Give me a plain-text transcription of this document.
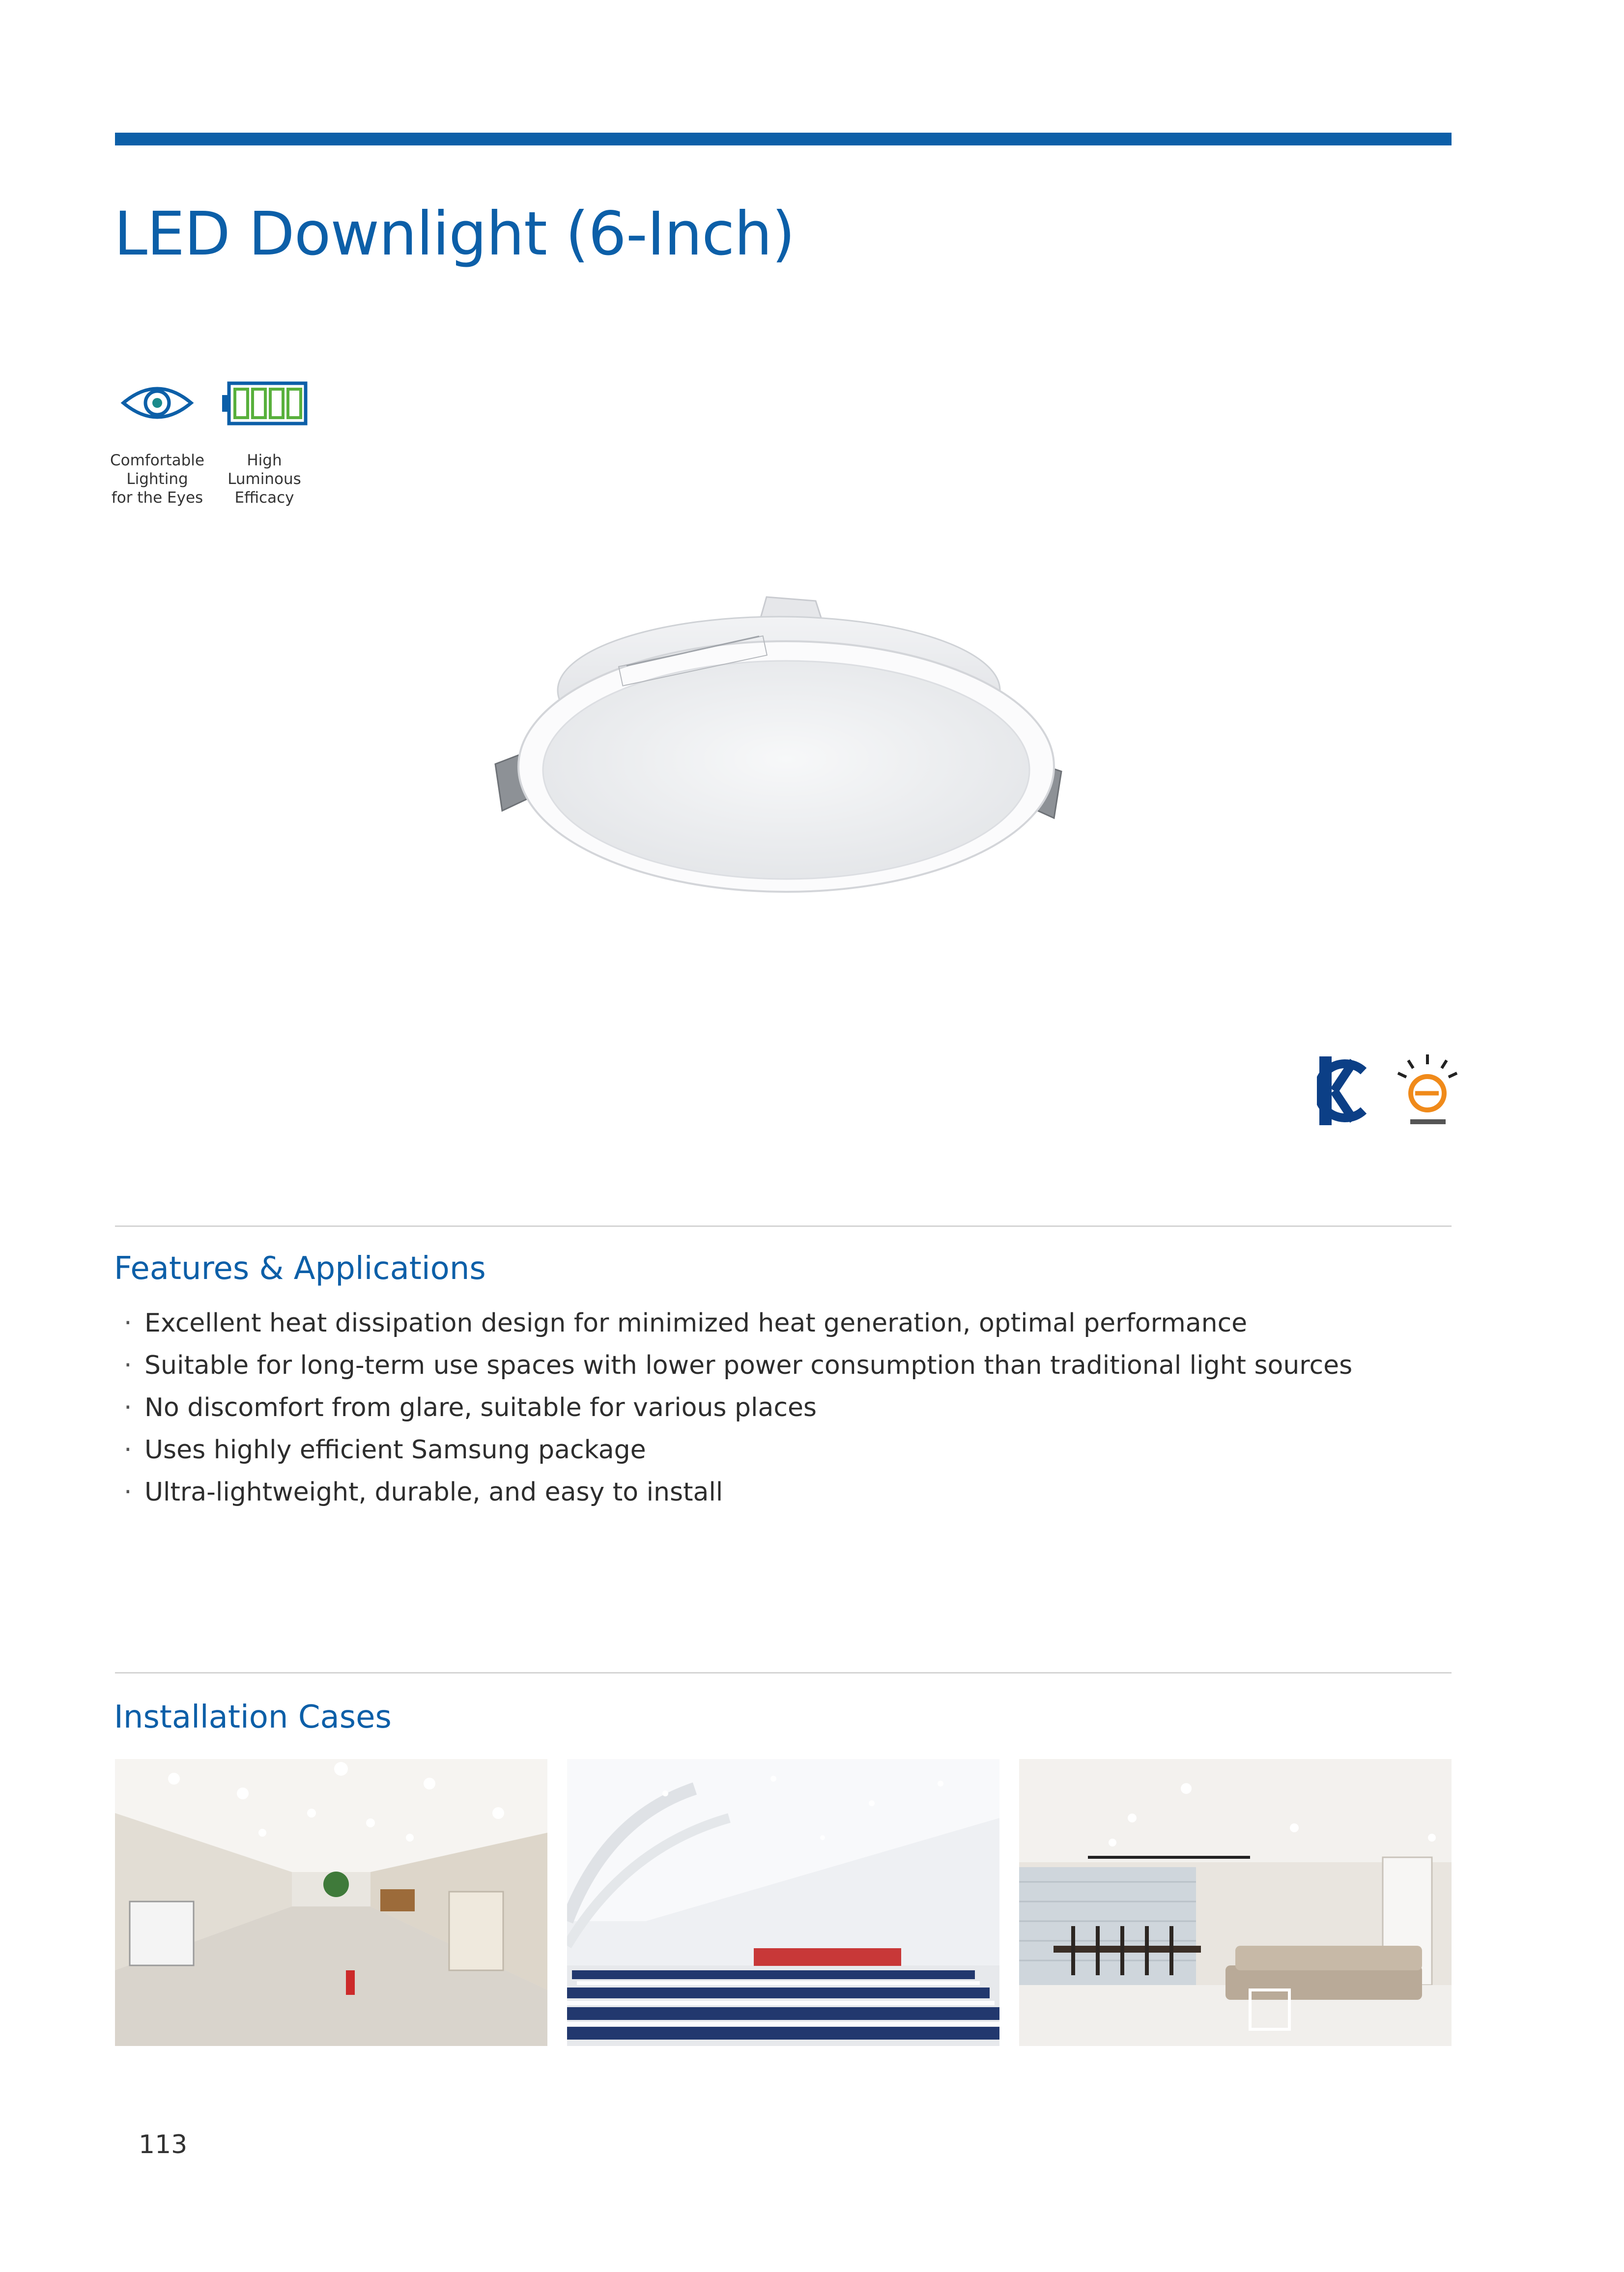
LED Downlight (6-Inch)
Comfortable
Lighting
for the Eyes
High
Luminous
Efficacy
Features & Applications
· Excellent heat dissipation design for minimized heat generation, optimal performance
· Suitable for long-term use spaces with lower power consumption than traditional light sources
· No discomfort from glare, suitable for various places
· Uses highly efficient Samsung package
· Ultra-lightweight, durable, and easy to install
Installation Cases
113
